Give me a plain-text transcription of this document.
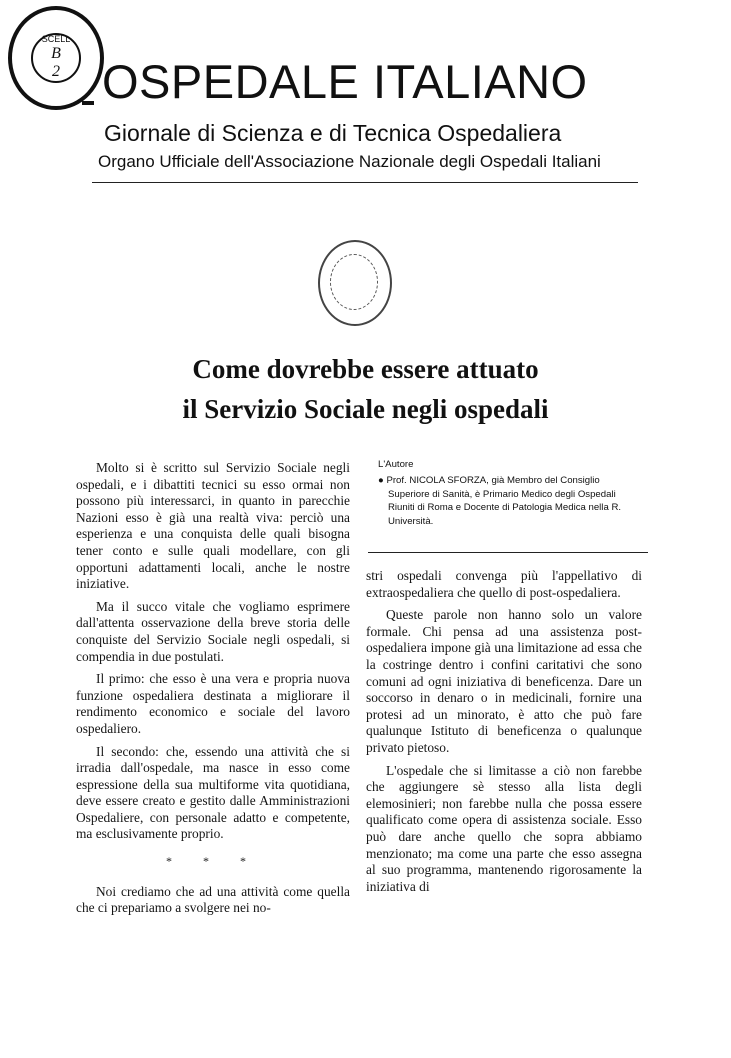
SCELL
B
2 OSPEDALE ITALIANO
Giornale di Scienza e di Tecnica Ospedaliera
Organo Ufficiale dell'Associazione Nazionale degli Ospedali Italiani
Come dovrebbe essere attuato
il Servizio Sociale negli ospedali

Molto si è scritto sul Servizio Sociale negli ospedali, e i dibattiti tecnici su esso ormai non possono più interessarci, in quanto in parecchie Nazioni esso è già una realtà viva: perciò una esperienza e una conquista delle quali bisogna tener conto e sulle quali modellare, con gli opportuni adattamenti locali, anche le nostre iniziative.

Ma il succo vitale che vogliamo esprimere dall'attenta osservazione della breve storia delle conquiste del Servizio Sociale negli ospedali, si compendia in due postulati.

Il primo: che esso è una vera e propria nuova funzione ospedaliera destinata a migliorare il rendimento economico e sociale del lavoro ospedaliero.

Il secondo: che, essendo una attività che si irradia dall'ospedale, ma nasce in esso come espressione della sua multiforme vita quotidiana, deve essere creato e gestito dalle Amministrazioni Ospedaliere, con personale adatto e competente, ma esclusivamente proprio.

* * *

Noi crediamo che ad una attività come quella che ci prepariamo a svolgere nei no-

L'Autore
● Prof. NICOLA SFORZA, già Membro del Consiglio Superiore di Sanità, è Primario Medico degli Ospedali Riuniti di Roma e Docente di Patologia Medica nella R. Università.

stri ospedali convenga più l'appellativo di extraospedaliera che quello di post-ospedaliera.

Queste parole non hanno solo un valore formale. Chi pensa ad una assistenza post-ospedaliera impone già una limitazione ad essa che la costringe dentro i confini caritativi che sono comuni ad ogni iniziativa di beneficenza. Dare un soccorso in denaro o in medicinali, fornire una protesi ad un minorato, è atto che può fare qualunque Istituto di beneficenza o qualunque privato pietoso.

L'ospedale che si limitasse a ciò non farebbe che aggiungere sè stesso alla lista degli elemosinieri; non farebbe nulla che possa essere qualificato come opera di assistenza sociale. Esso può dare anche quello che sopra abbiamo menzionato; ma come una parte che esso assegna al suo programma, mantenendo rigorosamente la iniziativa di
